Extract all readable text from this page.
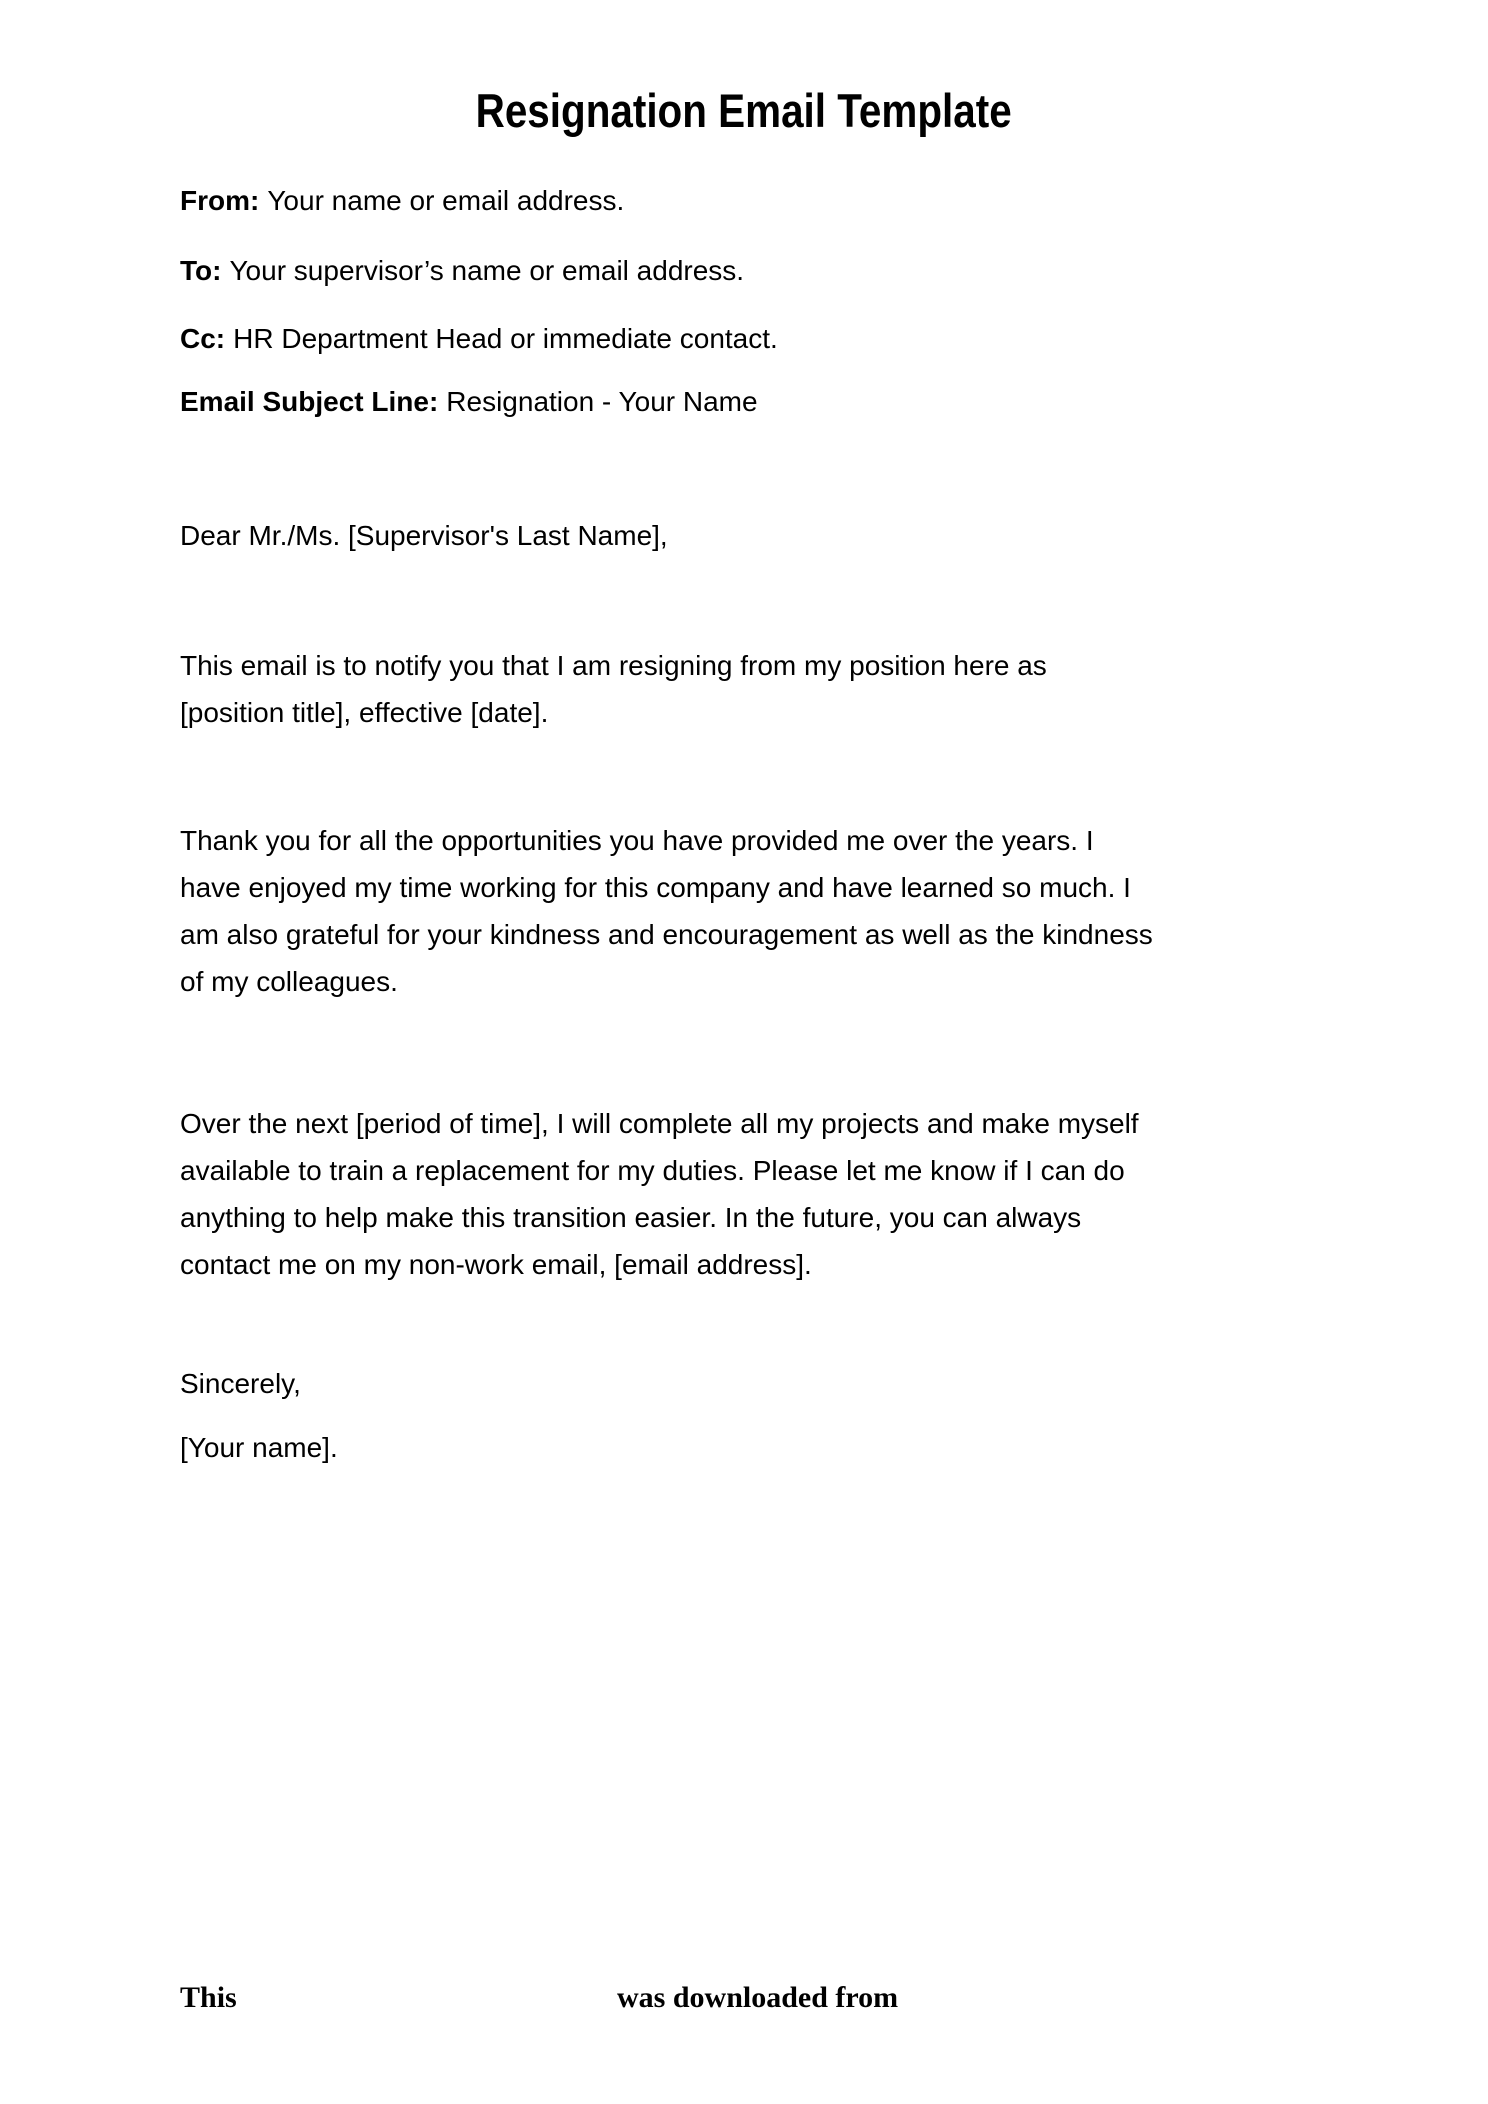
Resignation Email Template

From: Your name or email address.

To: Your supervisor’s name or email address.

Cc: HR Department Head or immediate contact.

Email Subject Line: Resignation - Your Name

Dear Mr./Ms. [Supervisor's Last Name],

This email is to notify you that I am resigning from my position here as
[position title], effective [date].
Thank you for all the opportunities you have provided me over the years. I
have enjoyed my time working for this company and have learned so much. I
am also grateful for your kindness and encouragement as well as the kindness
of my colleagues.
Over the next [period of time], I will complete all my projects and make myself
available to train a replacement for my duties. Please let me know if I can do
anything to help make this transition easier. In the future, you can always
contact me on my non-work email, [email address].

Sincerely,

[Your name].

This	was downloaded from
